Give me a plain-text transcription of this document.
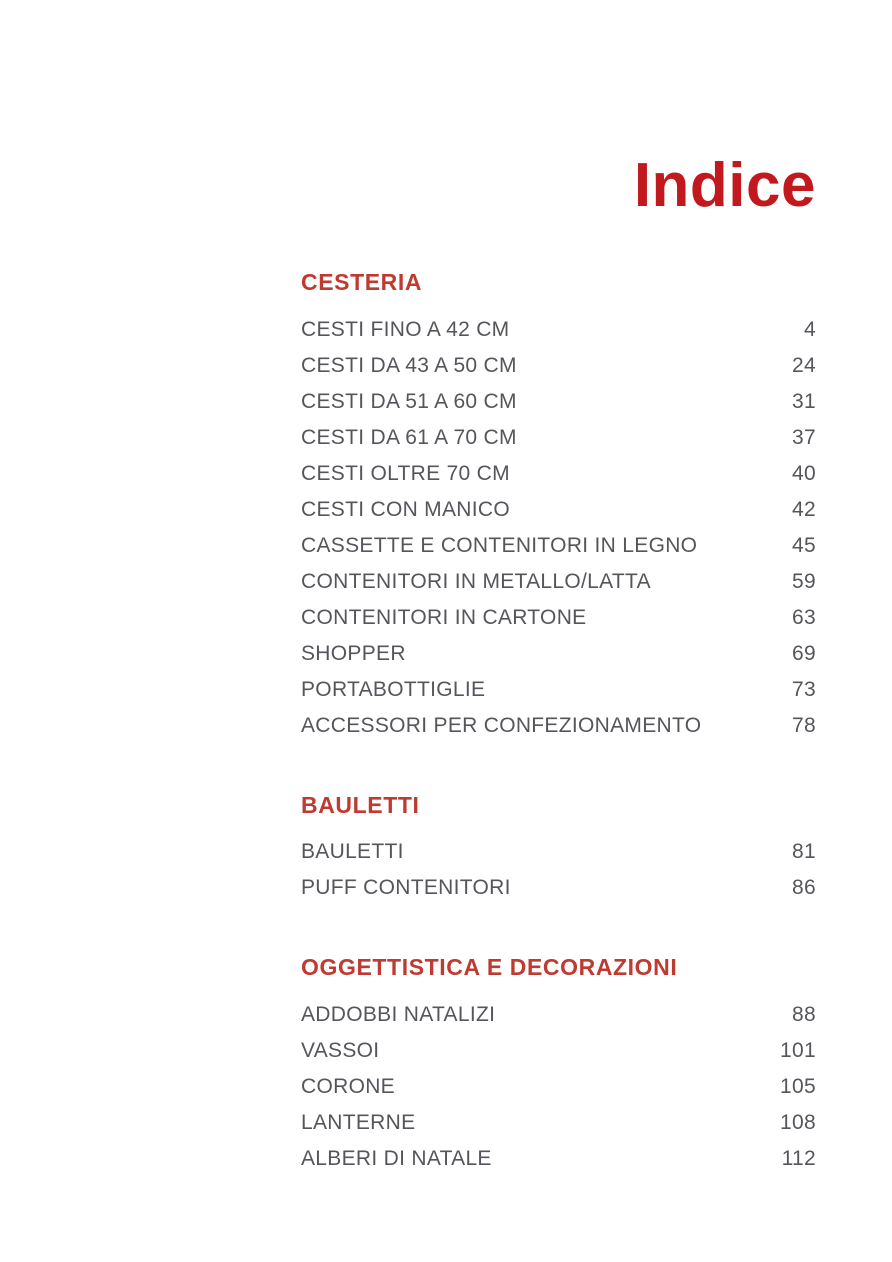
Indice
CESTERIA
CESTI FINO A 42 CM	4
CESTI DA 43 A 50 CM	24
CESTI DA 51 A 60 CM	31
CESTI DA 61 A 70 CM	37
CESTI OLTRE 70 CM	40
CESTI CON MANICO	42
CASSETTE E CONTENITORI IN LEGNO	45
CONTENITORI IN METALLO/LATTA	59
CONTENITORI IN CARTONE	63
SHOPPER	69
PORTABOTTIGLIE	73
ACCESSORI PER CONFEZIONAMENTO	78
BAULETTI
BAULETTI	81
PUFF CONTENITORI	86
OGGETTISTICA E DECORAZIONI
ADDOBBI NATALIZI	88
VASSOI	101
CORONE	105
LANTERNE	108
ALBERI DI NATALE	112
